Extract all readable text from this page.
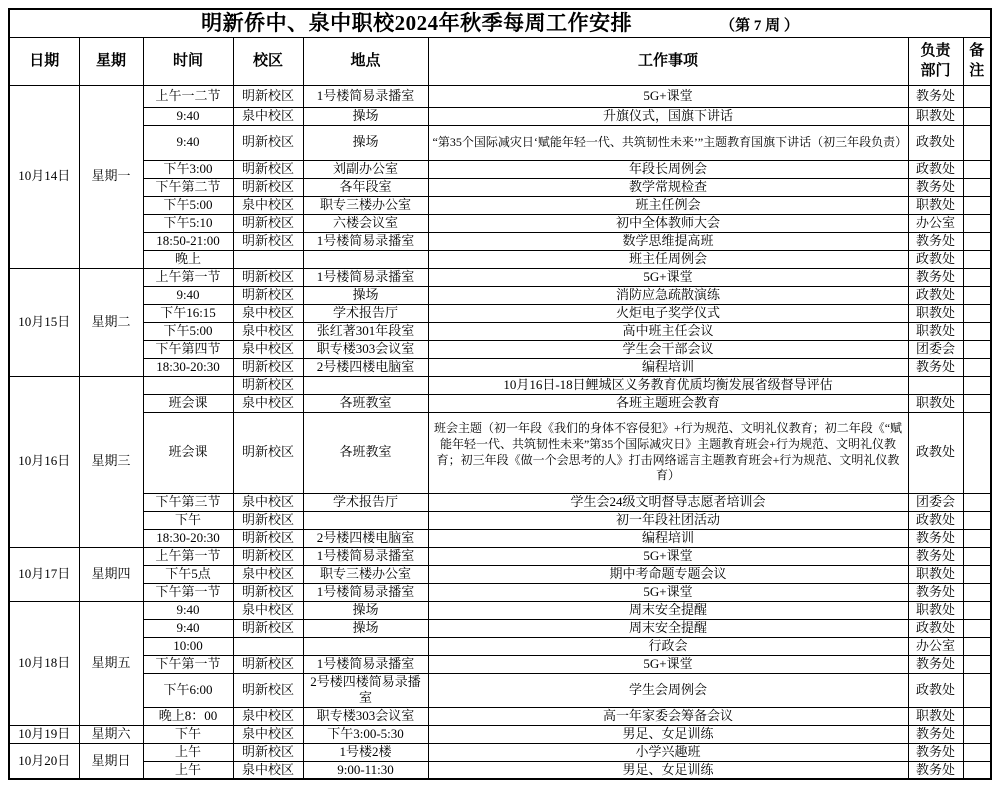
明新侨中、泉中职校2024年秋季每周工作安排 （第 7 周 ）							
日期	星期	时间	校区	地点	工作事项	负责部门	备注
10月14日	星期一	上午一二节	明新校区	1号楼简易录播室	5G+课堂	教务处	
		9:40	泉中校区	操场	升旗仪式，国旗下讲话	职教处	
		9:40	明新校区	操场	“第35个国际减灾日‘赋能年轻一代、共筑韧性未来’”主题教育国旗下讲话（初三年段负责）	政教处	
		下午3:00	明新校区	刘副办公室	年段长周例会	政教处	
		下午第二节	明新校区	各年段室	教学常规检查	教务处	
		下午5:00	泉中校区	职专三楼办公室	班主任例会	职教处	
		下午5:10	明新校区	六楼会议室	初中全体教师大会	办公室	
		18:50-21:00	明新校区	1号楼简易录播室	数学思维提高班	教务处	
		晚上			班主任周例会	政教处	
10月15日	星期二	上午第一节	明新校区	1号楼简易录播室	5G+课堂	教务处	
		9:40	明新校区	操场	消防应急疏散演练	政教处	
		下午16:15	泉中校区	学术报告厅	火炬电子奖学仪式	职教处	
		下午5:00	泉中校区	张红著301年段室	高中班主任会议	职教处	
		下午第四节	泉中校区	职专楼303会议室	学生会干部会议	团委会	
		18:30-20:30	明新校区	2号楼四楼电脑室	编程培训	教务处	
10月16日	星期三		明新校区		10月16日-18日鲤城区义务教育优质均衡发展省级督导评估		
		班会课	泉中校区	各班教室	各班主题班会教育	职教处	
		班会课	明新校区	各班教室	班会主题（初一年段《我们的身体不容侵犯》+行为规范、文明礼仪教育；初二年段《“赋能年轻一代、共筑韧性未来”第35个国际减灾日》主题教育班会+行为规范、文明礼仪教育；初三年段《做一个会思考的人》打击网络谣言主题教育班会+行为规范、文明礼仪教育）	政教处	
		下午第三节	泉中校区	学术报告厅	学生会24级文明督导志愿者培训会	团委会	
		下午	明新校区		初一年段社团活动	政教处	
		18:30-20:30	明新校区	2号楼四楼电脑室	编程培训	教务处	
10月17日	星期四	上午第一节	明新校区	1号楼简易录播室	5G+课堂	教务处	
		下午5点	泉中校区	职专三楼办公室	期中考命题专题会议	职教处	
		下午第一节	明新校区	1号楼简易录播室	5G+课堂	教务处	
10月18日	星期五	9:40	泉中校区	操场	周末安全提醒	职教处	
		9:40	明新校区	操场	周末安全提醒	政教处	
		10:00			行政会	办公室	
		下午第一节	明新校区	1号楼简易录播室	5G+课堂	教务处	
		下午6:00	明新校区	2号楼四楼简易录播室	学生会周例会	政教处	
		晚上8：00	泉中校区	职专楼303会议室	高一年家委会筹备会议	职教处	
10月19日	星期六	下午	泉中校区	下午3:00-5:30	男足、女足训练	教务处	
10月20日	星期日	上午	明新校区	1号楼2楼	小学兴趣班	教务处	
		上午	泉中校区	9:00-11:30	男足、女足训练	教务处	
